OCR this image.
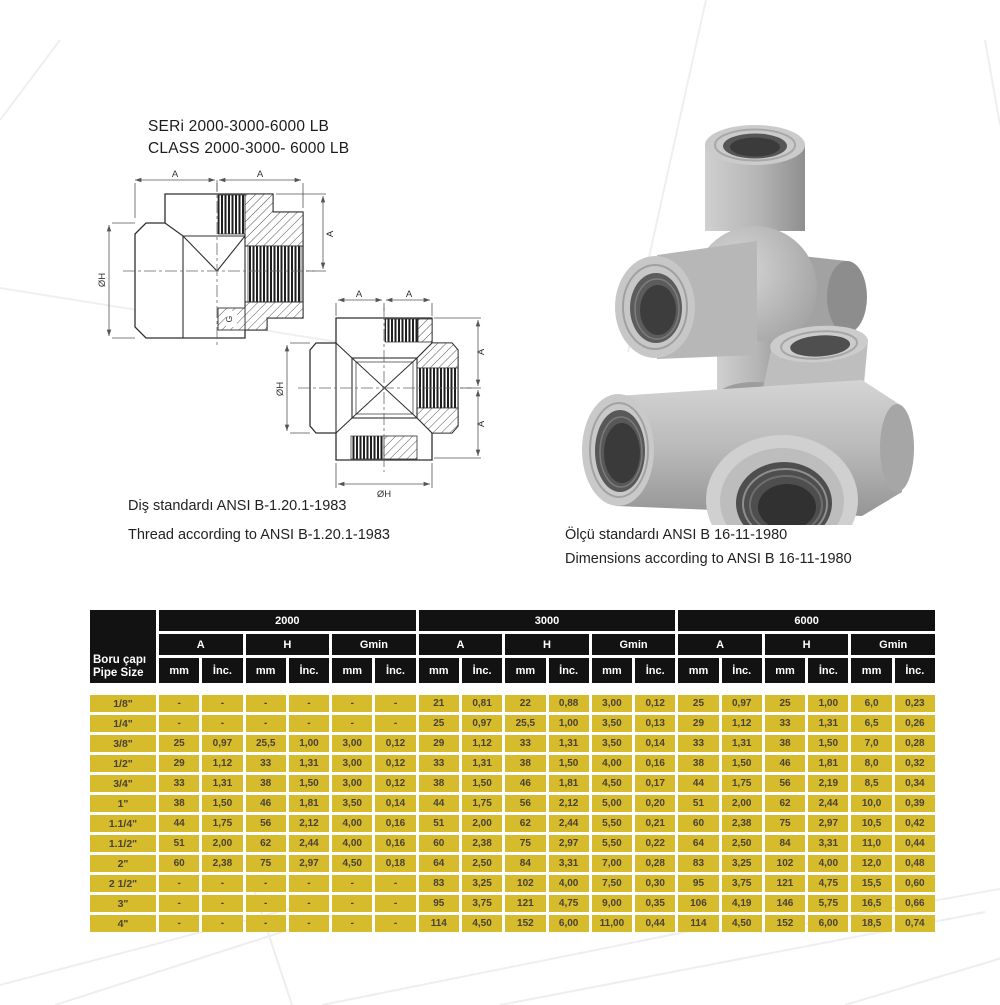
SERi 2000-3000-6000 LB
CLASS 2000-3000- 6000 LB
A	A
ØH
A
G
A	A
A
A
ØH
ØH
Diş standardı ANSI B-1.20.1-1983
Thread according to ANSI B-1.20.1-1983	Ölçü standardı ANSI B 16-11-1980
Dimensions according to ANSI B 16-11-1980
Boru çapı
Pipe Size
2000	3000	6000
A	H	Gmin	A	H	Gmin	A	H	Gmin
mm	İnc.	mm	İnc.	mm	İnc.	mm	İnc.	mm	İnc.	mm	İnc.	mm	İnc.	mm	İnc.	mm	İnc.
1/8"	-	-	-	-	-	-	21	0,81	22	0,88	3,00	0,12	25	0,97	25	1,00	6,0	0,23
1/4"	-	-	-	-	-	-	25	0,97	25,5	1,00	3,50	0,13	29	1,12	33	1,31	6,5	0,26
3/8"	25	0,97	25,5	1,00	3,00	0,12	29	1,12	33	1,31	3,50	0,14	33	1,31	38	1,50	7,0	0,28
1/2"	29	1,12	33	1,31	3,00	0,12	33	1,31	38	1,50	4,00	0,16	38	1,50	46	1,81	8,0	0,32
3/4"	33	1,31	38	1,50	3,00	0,12	38	1,50	46	1,81	4,50	0,17	44	1,75	56	2,19	8,5	0,34
1"	38	1,50	46	1,81	3,50	0,14	44	1,75	56	2,12	5,00	0,20	51	2,00	62	2,44	10,0	0,39
1.1/4"	44	1,75	56	2,12	4,00	0,16	51	2,00	62	2,44	5,50	0,21	60	2,38	75	2,97	10,5	0,42
1.1/2"	51	2,00	62	2,44	4,00	0,16	60	2,38	75	2,97	5,50	0,22	64	2,50	84	3,31	11,0	0,44
2"	60	2,38	75	2,97	4,50	0,18	64	2,50	84	3,31	7,00	0,28	83	3,25	102	4,00	12,0	0,48
2 1/2"	-	-	-	-	-	-	83	3,25	102	4,00	7,50	0,30	95	3,75	121	4,75	15,5	0,60
3"	-	-	-	-	-	-	95	3,75	121	4,75	9,00	0,35	106	4,19	146	5,75	16,5	0,66
4"	-	-	-	-	-	-	114	4,50	152	6,00	11,00	0,44	114	4,50	152	6,00	18,5	0,74
